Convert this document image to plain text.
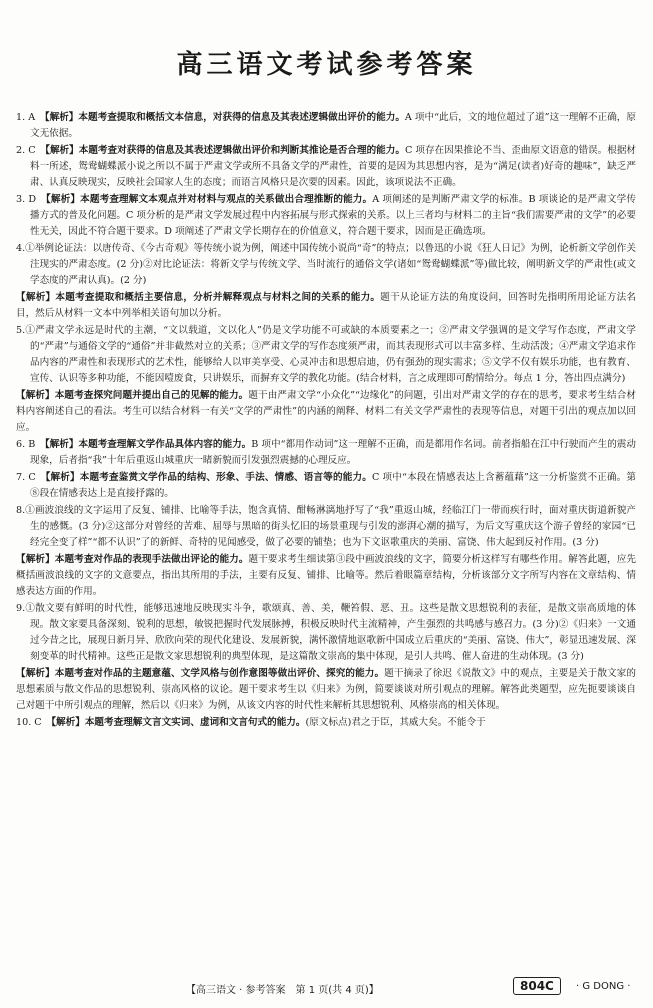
高三语文考试参考答案

1. A　 【解析】本题考查提取和概括文本信息，对获得的信息及其表述逻辑做出评价的能力。A 项中“此后，文的地位超过了道”这一理解不正确，原文无依据。

2. C　 【解析】本题考查对获得的信息及其表述逻辑做出评价和判断其推论是否合理的能力。C 项存在因果推论不当、歪曲原文语意的错误。根据材料一所述，鸳鸯蝴蝶派小说之所以不属于严肃文学或所不具备文学的严肃性，首要的是因为其思想内容，是为“满足(读者)好奇的趣味”，缺乏严肃、认真反映现实，反映社会国家人生的态度；而语言风格只是次要的因素。因此，该项说法不正确。

3. D　 【解析】本题考查理解文本观点并对材料与观点的关系做出合理推断的能力。A 项阐述的是判断严肃文学的标准。B 项谈论的是严肃文学传播方式的普及化问题。C 项分析的是严肃文学发展过程中内容拓展与形式探索的关系。以上三者均与材料二的主旨“我们需要严肃的文学”的必要性无关，因此不符合题干要求。D 项阐述了严肃文学长期存在的价值意义，符合题干要求，因而是正确选项。

4.①举例论证法：以唐传奇、《今古奇观》等传统小说为例，阐述中国传统小说尚“奇”的特点；以鲁迅的小说《狂人日记》为例，论析新文学创作关注现实的严肃态度。(2 分)②对比论证法：将新文学与传统文学、当时流行的通俗文学(诸如“鸳鸯蝴蝶派”等)做比较，阐明新文学的严肃性(或文学态度的严肃认真)。(2 分)

【解析】本题考查提取和概括主要信息，分析并解释观点与材料之间的关系的能力。题干从论证方法的角度设问，回答时先指明所用论证方法名目，然后从材料一文本中列举相关语句加以分析。

5.①严肃文学永远是时代的主潮，“文以载道，文以化人”仍是文学功能不可或缺的本质要素之一；②严肃文学强调的是文学写作态度，严肃文学的“严肃”与通俗文学的“通俗”并非截然对立的关系；③严肃文学的写作态度须严肃，而其表现形式可以丰富多样、生动活泼；④严肃文学追求作品内容的严肃性和表现形式的艺术性，能够给人以审美享受、心灵冲击和思想启迪，仍有强劲的现实需求；⑤文学不仅有娱乐功能，也有教育、宣传、认识等多种功能，不能因噎废食，只讲娱乐，而摒弃文学的教化功能。(结合材料，言之成理即可酌情给分。每点 1 分，答出四点满分)

【解析】本题考查探究问题并提出自己的见解的能力。题干由严肃文学“小众化”“边缘化”的问题，引出对严肃文学的存在的思考，要求考生结合材料内容阐述自己的看法。考生可以结合材料一有关“文学的严肃性”的内涵的阐释、材料二有关文学严肃性的表现等信息，对题干引出的观点加以回应。

6. B　 【解析】本题考查理解文学作品具体内容的能力。B 项中“都用作动词”这一理解不正确，而是都用作名词。前者指船在江中行驶而产生的震动现象，后者指“我”十年后重返山城重庆一睹新貌而引发强烈震撼的心理反应。

7. C　 【解析】本题考查鉴赏文学作品的结构、形象、手法、情感、语言等的能力。C 项中“本段在情感表达上含蓄蕴藉”这一分析鉴赏不正确。第⑧段在情感表达上是直接抒露的。

8.①画波浪线的文字运用了反复、铺排、比喻等手法，饱含真情、酣畅淋漓地抒写了“我”重返山城，经临江门一带而疾行时，面对重庆街道新貌产生的感慨。(3 分)②这部分对曾经的苦难、屈辱与黑暗的街头忆旧的场景重现与引发的澎湃心潮的描写，为后文写重庆这个游子曾经的家园“已经完全变了样”“都不认识”了的新鲜、奇特的见闻感受，做了必要的铺垫；也为下文讴歌重庆的美丽、富饶、伟大起到反衬作用。(3 分)

【解析】本题考查对作品的表现手法做出评论的能力。题干要求考生细读第③段中画波浪线的文字，简要分析这样写有哪些作用。解答此题，应先概括画波浪线的文字的文意要点，指出其所用的手法，主要有反复、铺排、比喻等。然后着眼篇章结构，分析该部分文字所写内容在文章结构、情感表达方面的作用。

9.①散文要有鲜明的时代性，能够迅速地反映现实斗争，歌颂真、善、美，鞭笞假、恶、丑。这些是散文思想锐利的表征，是散文崇高质地的体现。散文家要具备深刻、锐利的思想，敏锐把握时代发展脉搏，积极反映时代主流精神，产生强烈的共鸣感与感召力。(3 分)②《归来》一文通过今昔之比，展现日新月异、欣欣向荣的现代化建设、发展新貌，满怀激情地讴歌新中国成立后重庆的“美丽、富饶、伟大”，彰显迅速发展、深刻变革的时代精神。这些正是散文家思想锐利的典型体现，是这篇散文崇高的集中体现，是引人共鸣、催人奋进的生动体现。(3 分)

【解析】本题考查对作品的主题意蕴、文学风格与创作意图等做出评价、探究的能力。题干摘录了徐迟《说散文》中的观点，主要是关于散文家的思想素质与散文作品的思想锐利、崇高风格的议论。题干要求考生以《归来》为例，简要谈谈对所引观点的理解。解答此类题型，应先扼要谈谈自己对题干中所引观点的理解，然后以《归来》为例，从该文内容的时代性来解析其思想锐利、风格崇高的相关体现。

10. C　 【解析】本题考查理解文言文实词、虚词和文言句式的能力。(原文标点)君之于臣，其威大矣。不能令于

【高三语文 · 参考答案　第 1 页(共 4 页)】	804C	· G DONG ·
